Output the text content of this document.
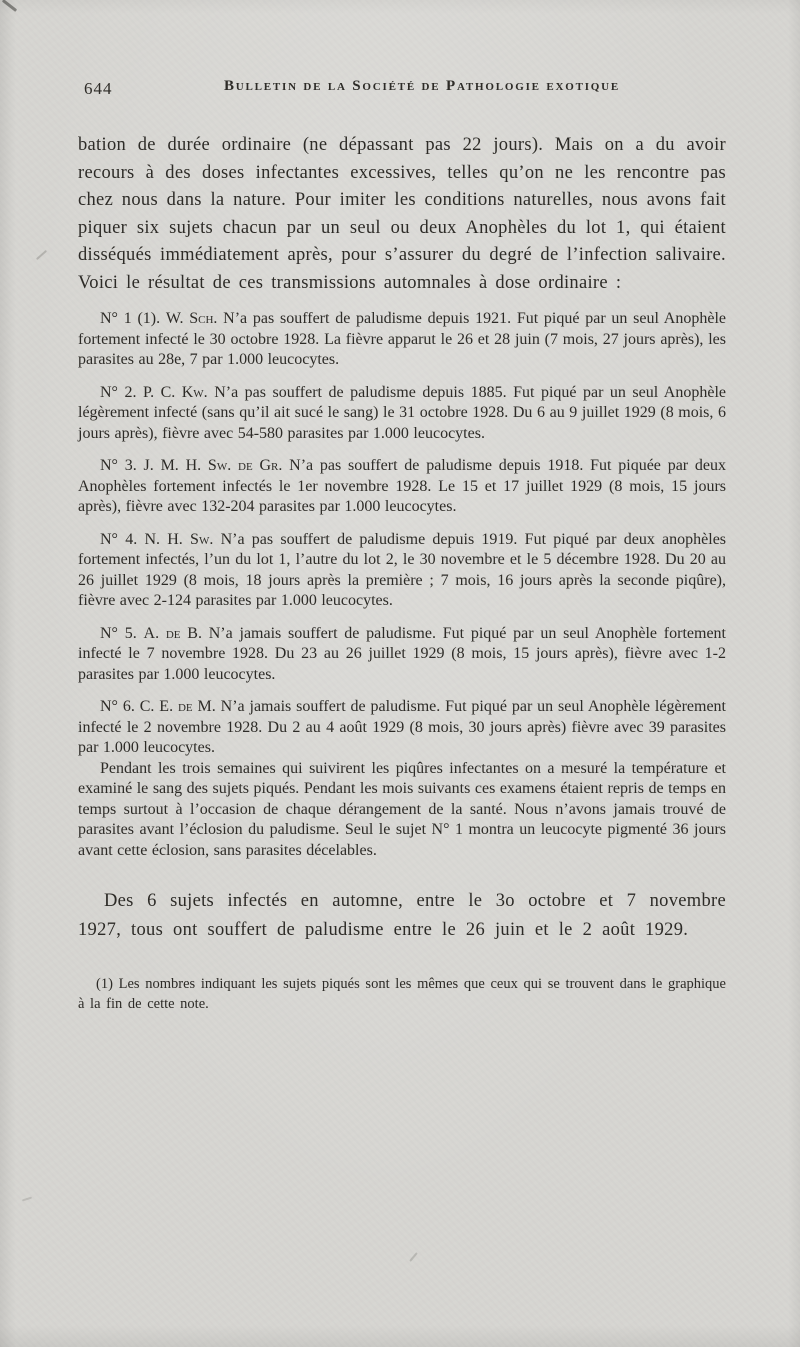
644	Bulletin de la Société de Pathologie exotique

bation de durée ordinaire (ne dépassant pas 22 jours). Mais on a du avoir recours à des doses infectantes excessives, telles qu’on ne les rencontre pas chez nous dans la nature. Pour imiter les conditions naturelles, nous avons fait piquer six sujets chacun par un seul ou deux Anophèles du lot 1, qui étaient disséqués immédiatement après, pour s’assurer du degré de l’infection salivaire. Voici le résultat de ces transmissions automnales à dose ordinaire :

N° 1 (1). W. Sch. N’a pas souffert de paludisme depuis 1921. Fut piqué par un seul Anophèle fortement infecté le 30 octobre 1928. La fièvre apparut le 26 et 28 juin (7 mois, 27 jours après), les parasites au 28e, 7 par 1.000 leucocytes.

N° 2. P. C. Kw. N’a pas souffert de paludisme depuis 1885. Fut piqué par un seul Anophèle légèrement infecté (sans qu’il ait sucé le sang) le 31 octobre 1928. Du 6 au 9 juillet 1929 (8 mois, 6 jours après), fièvre avec 54-580 parasites par 1.000 leucocytes.

N° 3. J. M. H. Sw. de Gr. N’a pas souffert de paludisme depuis 1918. Fut piquée par deux Anophèles fortement infectés le 1er novembre 1928. Le 15 et 17 juillet 1929 (8 mois, 15 jours après), fièvre avec 132-204 parasites par 1.000 leucocytes.

N° 4. N. H. Sw. N’a pas souffert de paludisme depuis 1919. Fut piqué par deux anophèles fortement infectés, l’un du lot 1, l’autre du lot 2, le 30 novembre et le 5 décembre 1928. Du 20 au 26 juillet 1929 (8 mois, 18 jours après la première ; 7 mois, 16 jours après la seconde piqûre), fièvre avec 2-124 parasites par 1.000 leucocytes.

N° 5. A. de B. N’a jamais souffert de paludisme. Fut piqué par un seul Anophèle fortement infecté le 7 novembre 1928. Du 23 au 26 juillet 1929 (8 mois, 15 jours après), fièvre avec 1-2 parasites par 1.000 leucocytes.

N° 6. C. E. de M. N’a jamais souffert de paludisme. Fut piqué par un seul Anophèle légèrement infecté le 2 novembre 1928. Du 2 au 4 août 1929 (8 mois, 30 jours après) fièvre avec 39 parasites par 1.000 leucocytes.

Pendant les trois semaines qui suivirent les piqûres infectantes on a mesuré la température et examiné le sang des sujets piqués. Pendant les mois suivants ces examens étaient repris de temps en temps surtout à l’occasion de chaque dérangement de la santé. Nous n’avons jamais trouvé de parasites avant l’éclosion du paludisme. Seul le sujet N° 1 montra un leucocyte pigmenté 36 jours avant cette éclosion, sans parasites décelables.

Des 6 sujets infectés en automne, entre le 3o octobre et 7 novembre 1927, tous ont souffert de paludisme entre le 26 juin et le 2 août 1929.

(1) Les nombres indiquant les sujets piqués sont les mêmes que ceux qui se trouvent dans le graphique à la fin de cette note.
